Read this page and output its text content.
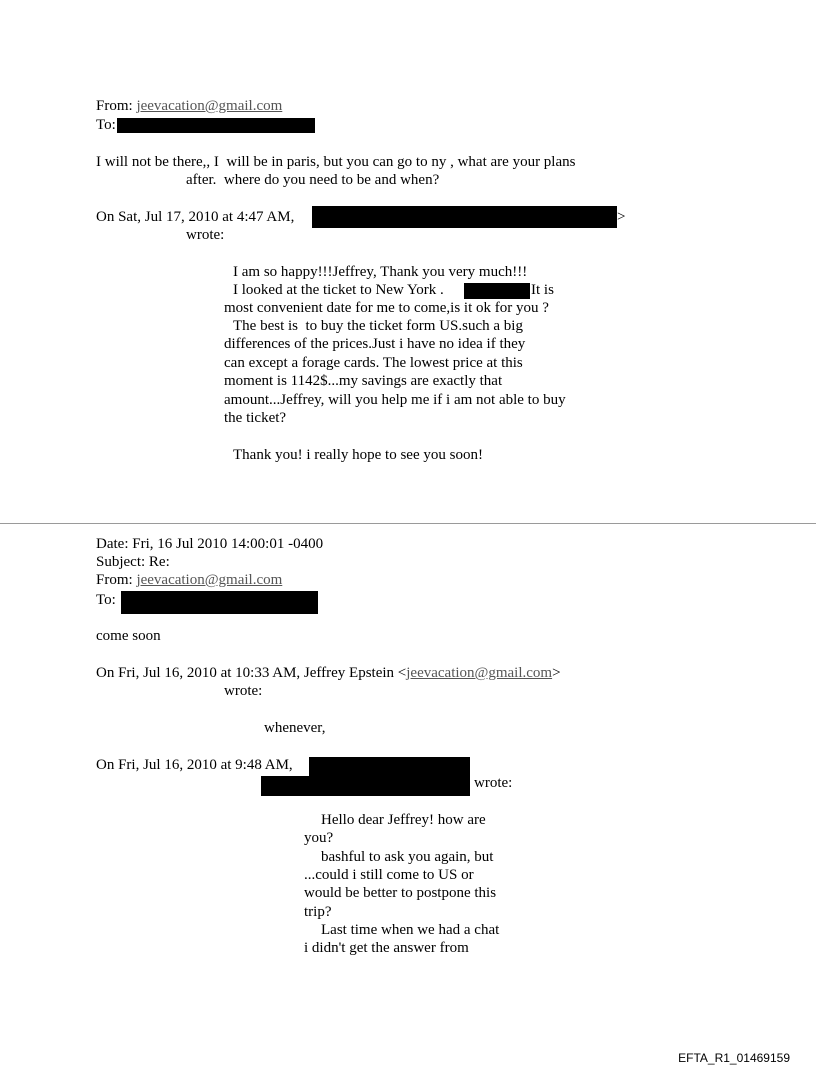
From: jeevacation@gmail.com
To:
I will not be there,, I  will be in paris, but you can go to ny , what are your plans
after.  where do you need to be and when?
On Sat, Jul 17, 2010 at 4:47 AM,	>
wrote:
I am so happy!!!Jeffrey, Thank you very much!!!
I looked at the ticket to New York .	It is
most convenient date for me to come,is it ok for you ?
The best is  to buy the ticket form US.such a big
differences of the prices.Just i have no idea if they
can except a forage cards. The lowest price at this
moment is 1142$...my savings are exactly that
amount...Jeffrey, will you help me if i am not able to buy
the ticket?
Thank you! i really hope to see you soon!
Date: Fri, 16 Jul 2010 14:00:01 -0400
Subject: Re:
From: jeevacation@gmail.com
To:
come soon
On Fri, Jul 16, 2010 at 10:33 AM, Jeffrey Epstein <jeevacation@gmail.com>
wrote:
whenever,
On Fri, Jul 16, 2010 at 9:48 AM,
wrote:
Hello dear Jeffrey! how are
you?
bashful to ask you again, but
...could i still come to US or
would be better to postpone this
trip?
Last time when we had a chat
i didn't get the answer from
EFTA_R1_01469159
